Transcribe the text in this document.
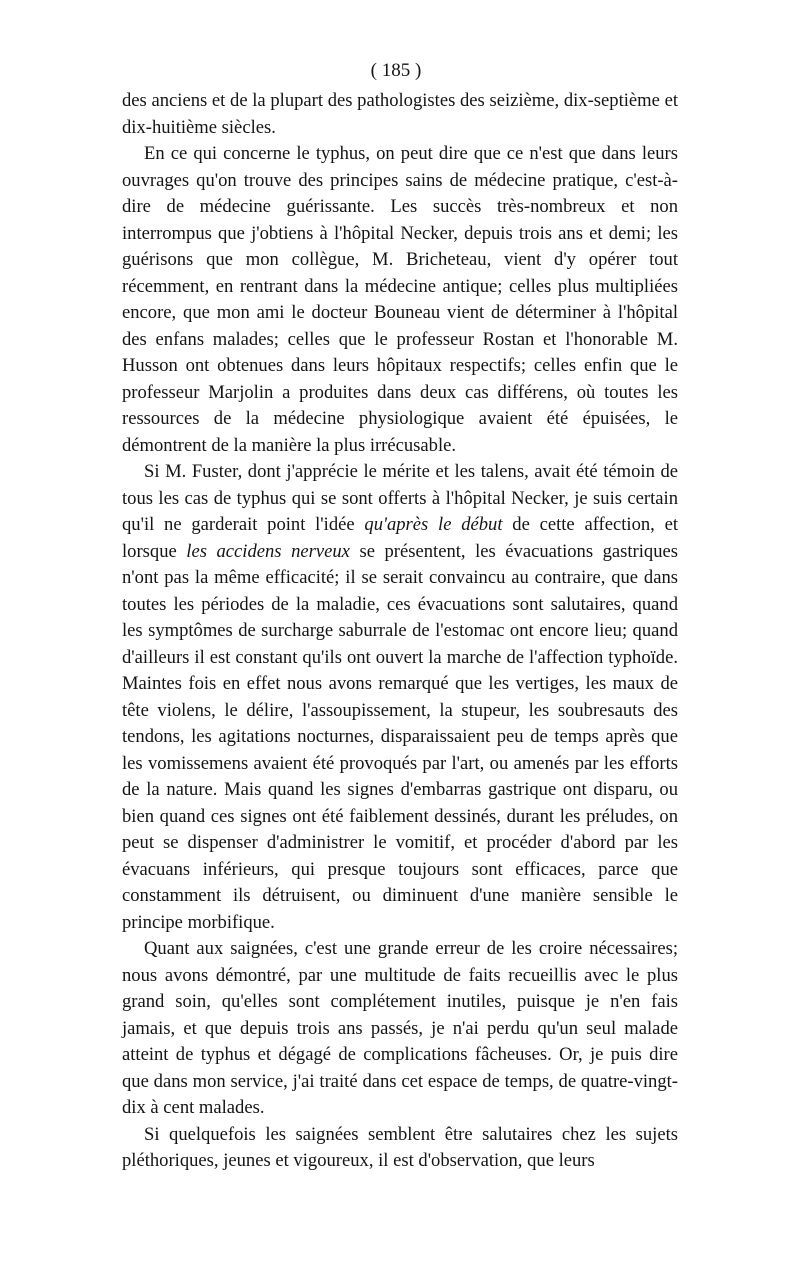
( 185 )

des anciens et de la plupart des pathologistes des seizième, dix-septième et dix-huitième siècles.

En ce qui concerne le typhus, on peut dire que ce n'est que dans leurs ouvrages qu'on trouve des principes sains de médecine pratique, c'est-à-dire de médecine guérissante. Les succès très-nombreux et non interrompus que j'obtiens à l'hôpital Necker, depuis trois ans et demi; les guérisons que mon collègue, M. Bricheteau, vient d'y opérer tout récemment, en rentrant dans la médecine antique; celles plus multipliées encore, que mon ami le docteur Bouneau vient de déterminer à l'hôpital des enfans malades; celles que le professeur Rostan et l'honorable M. Husson ont obtenues dans leurs hôpitaux respectifs; celles enfin que le professeur Marjolin a produites dans deux cas différens, où toutes les ressources de la médecine physiologique avaient été épuisées, le démontrent de la manière la plus irrécusable.

Si M. Fuster, dont j'apprécie le mérite et les talens, avait été témoin de tous les cas de typhus qui se sont offerts à l'hôpital Necker, je suis certain qu'il ne garderait point l'idée qu'après le début de cette affection, et lorsque les accidens nerveux se présentent, les évacuations gastriques n'ont pas la même efficacité; il se serait convaincu au contraire, que dans toutes les périodes de la maladie, ces évacuations sont salutaires, quand les symptômes de surcharge saburrale de l'estomac ont encore lieu; quand d'ailleurs il est constant qu'ils ont ouvert la marche de l'affection typhoïde. Maintes fois en effet nous avons remarqué que les vertiges, les maux de tête violens, le délire, l'assoupissement, la stupeur, les soubresauts des tendons, les agitations nocturnes, disparaissaient peu de temps après que les vomissemens avaient été provoqués par l'art, ou amenés par les efforts de la nature. Mais quand les signes d'embarras gastrique ont disparu, ou bien quand ces signes ont été faiblement dessinés, durant les préludes, on peut se dispenser d'administrer le vomitif, et procéder d'abord par les évacuans inférieurs, qui presque toujours sont efficaces, parce que constamment ils détruisent, ou diminuent d'une manière sensible le principe morbifique.

Quant aux saignées, c'est une grande erreur de les croire nécessaires; nous avons démontré, par une multitude de faits recueillis avec le plus grand soin, qu'elles sont complétement inutiles, puisque je n'en fais jamais, et que depuis trois ans passés, je n'ai perdu qu'un seul malade atteint de typhus et dégagé de complications fâcheuses. Or, je puis dire que dans mon service, j'ai traité dans cet espace de temps, de quatre-vingt-dix à cent malades.

Si quelquefois les saignées semblent être salutaires chez les sujets pléthoriques, jeunes et vigoureux, il est d'observation, que leurs
